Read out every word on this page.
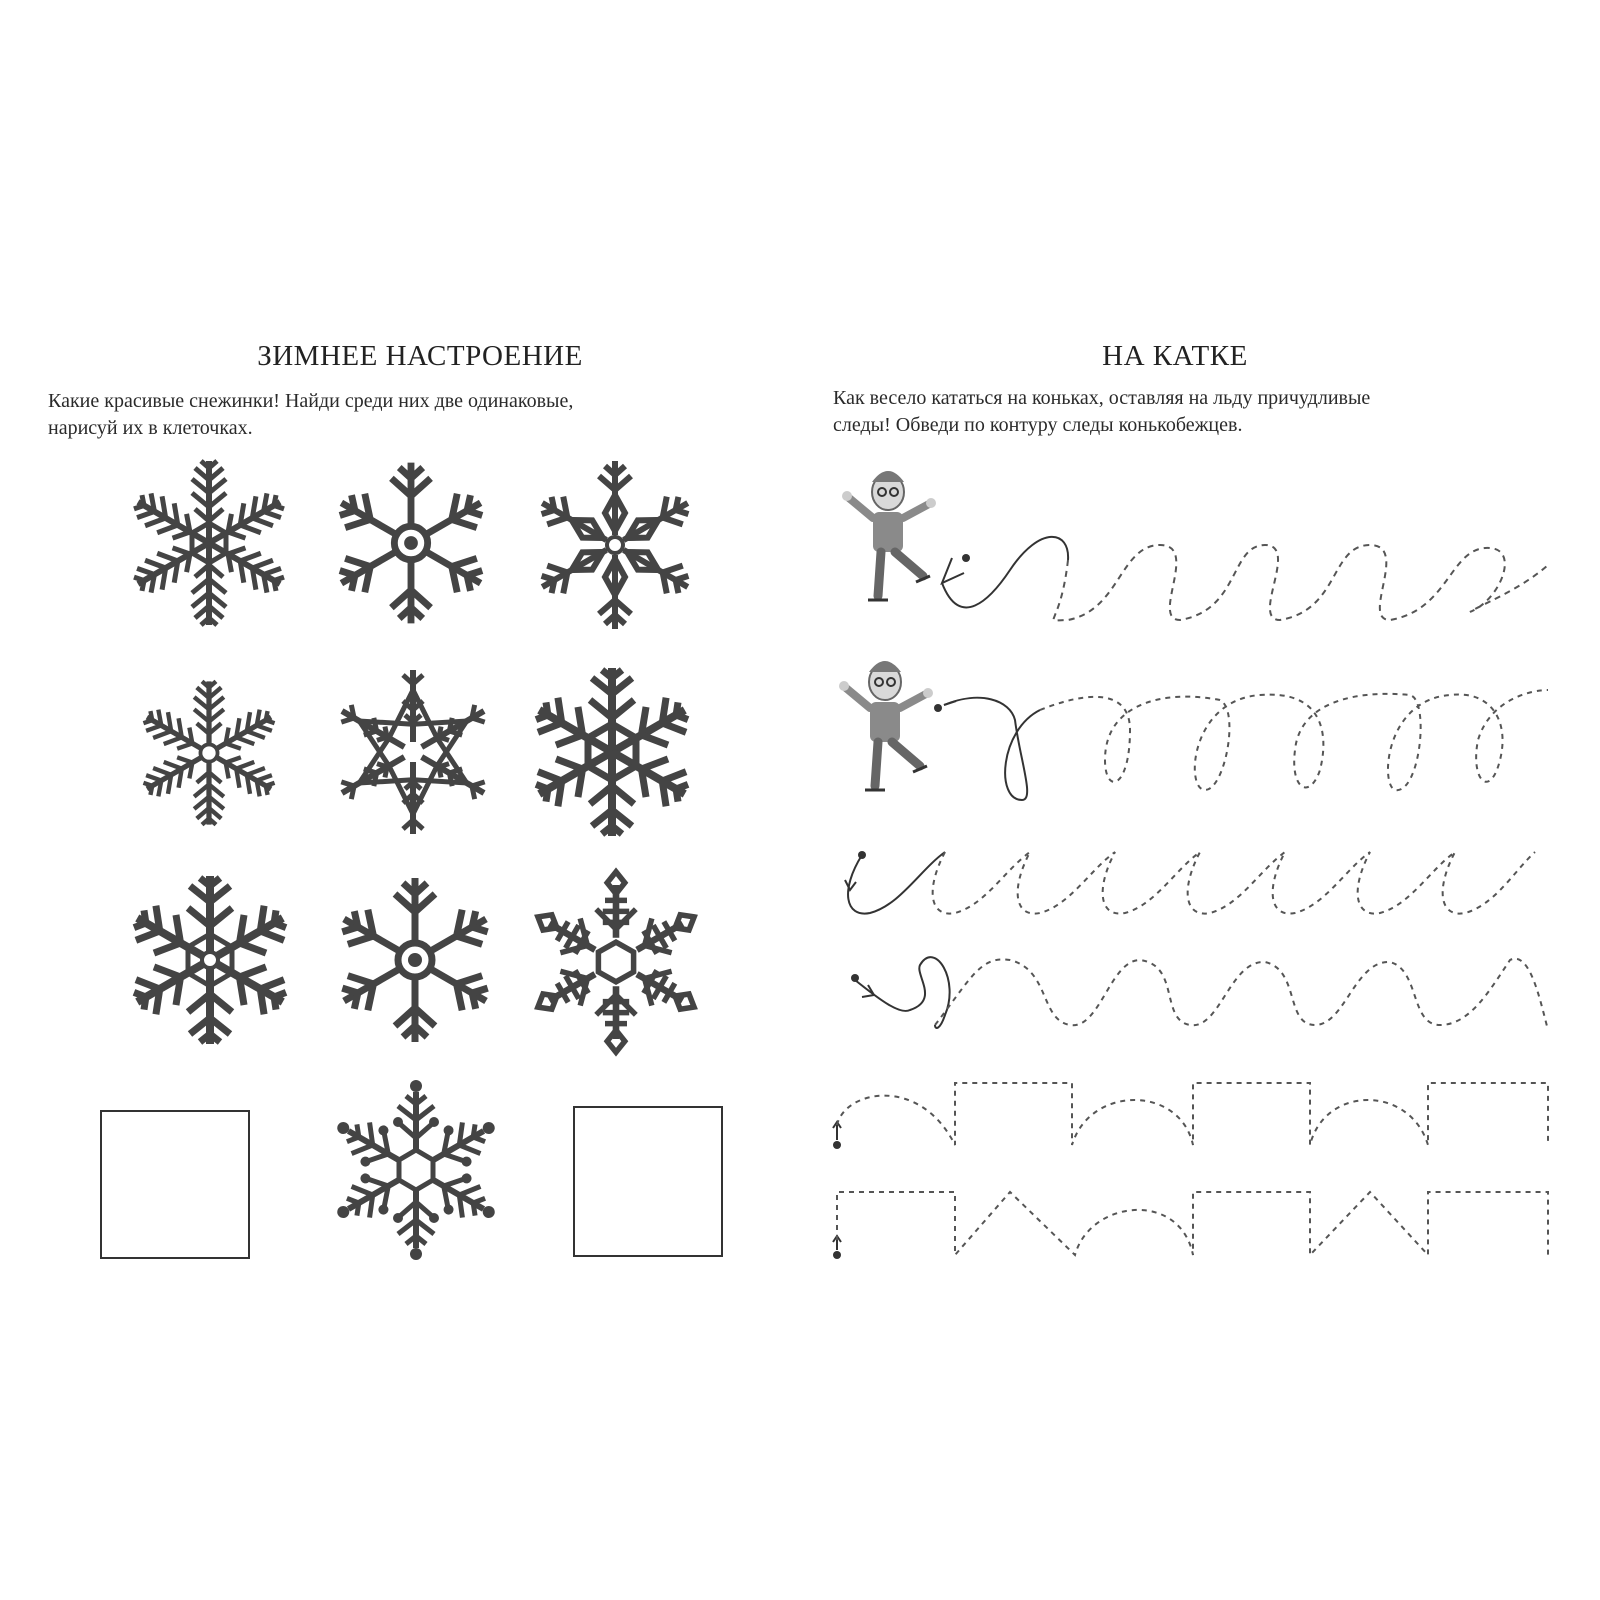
ЗИМНЕЕ НАСТРОЕНИЕ
Какие красивые снежинки! Найди среди них две одинаковые,
нарисуй их в клеточках.
НА КАТКЕ
Как весело кататься на коньках, оставляя на льду причудливые
следы! Обведи по контуру следы конькобежцев.
